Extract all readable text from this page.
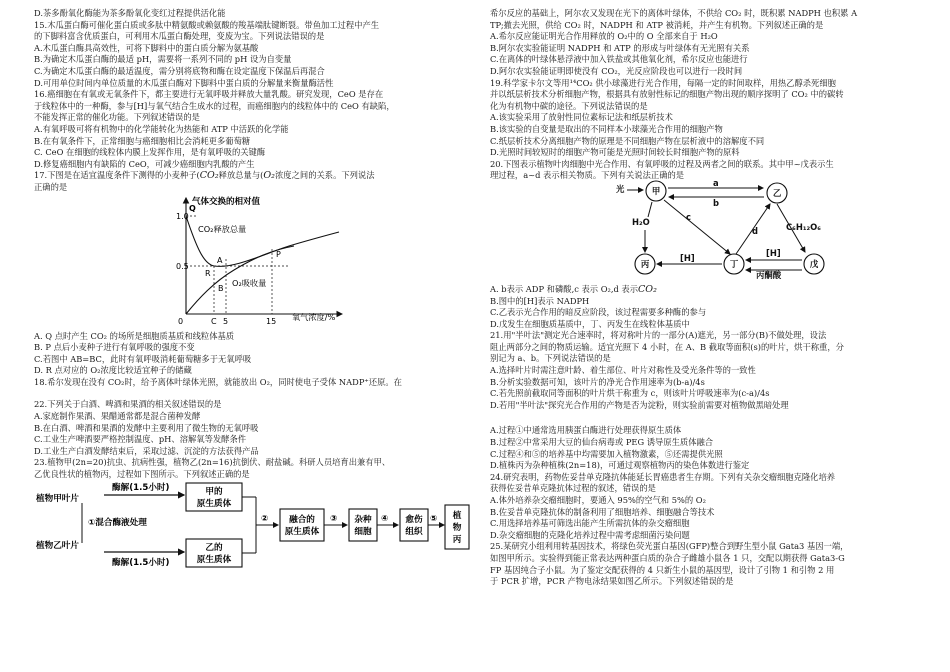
D.茶多酚氧化酶能为茶多酚氧化变红过程提供活化能
15.木瓜蛋白酶可催化蛋白质或多肽中精氨酸或赖氨酸的羧基端肽键断裂。带鱼加工过程中产生
的下脚料富含优质蛋白，可利用木瓜蛋白酶处理，变废为宝。下列说法错误的是
A.木瓜蛋白酶具高效性，可将下脚料中的蛋白质分解为氨基酸
B.为确定木瓜蛋白酶的最适 pH，需要将一系列不同的 pH 设为自变量
C.为确定木瓜蛋白酶的最适温度，需分别将底物和酶在设定温度下保温后再混合
D.可用单位时间内单位质量的木瓜蛋白酶对下脚料中蛋白质的分解量来衡量酶活性
16.癌细胞在有氧或无氧条件下，都主要进行无氧呼吸并释放大量乳酸。研究发现，CeO 是存在
于线粒体中的一种酶，参与[H]与氧气结合生成水的过程，而癌细胞内的线粒体中的 CeO 有缺陷，
不能发挥正常的催化功能。下列叙述错误的是
A.有氧呼吸可将有机物中的化学能转化为热能和 ATP 中活跃的化学能
B.在有氧条件下，正常细胞与癌细胞相比会消耗更多葡萄糖
C. CeO 在细胞的线粒体内膜上发挥作用，是有氧呼吸的关键酶
D.修复癌细胞内有缺陷的 CeO，可减少癌细胞内乳酸的产生
17.下图是在适宜温度条件下测得的小麦种子(CO₂释放总量与(O₂浓度之间的关系。下列说法
正确的是
气体交换的相对值
1.0
0.5
0	C 5	15
Q
R
A
B
P
CO₂释放总量
O₂吸收量
氧气浓度/%
A. Q 点时产生 CO₂ 的场所是细胞质基质和线粒体基质
B. P 点后小麦种子进行有氧呼吸的强度不变
C.若图中 AB=BC，此时有氧呼吸消耗葡萄糖多于无氧呼吸
D. R 点对应的 O₂浓度比较适宜种子的储藏
18.希尔发现在没有 CO₂时，给予离体叶绿体光照，就能放出 O₂，同时使电子受体 NADP⁺还原。在
22.下列关于白酒、啤酒和果酒的相关叙述错误的是
A.家庭制作果酒、果醋通常都是混合菌种发酵
B.在白酒、啤酒和果酒的发酵中主要利用了微生物的无氧呼吸
C.工业生产啤酒要严格控制温度、pH、溶解氧等发酵条件
D.工业生产白酒发酵结束后，采取过滤、沉淀的方法获得产品
23.植物甲(2n=20)抗虫、抗病性强，植物乙(2n=16)抗倒伏、耐盐碱。科研人员培育出兼有甲、
乙优良性状的植物丙，过程如下图所示。下列叙述正确的是
酶解(1.5小时)
植物甲叶片
①混合酶液处理
植物乙叶片
酶解(1.5小时)
甲的
原生质体
乙的
原生质体
② 融合的
原生质体
③ 杂种
细胞
④ 愈伤
组织
⑤ 植
物
丙
希尔反应的基础上，阿尔农又发现在光下的离体叶绿体，不供给 CO₂ 时，既积累 NADPH 也积累 A
TP;撤去光照，供给 CO₂ 时，NADPH 和 ATP 被消耗，并产生有机物。下列叙述正确的是
A.希尔反应能证明光合作用释放的 O₂中的 O 全部来自于 H₂O
B.阿尔农实验能证明 NADPH 和 ATP 的形成与叶绿体有无光照有关系
C.在离体的叶绿体悬浮液中加入铁盐或其他氧化剂，希尔反应也能进行
D.阿尔农实验能证明即使没有 CO₂，光反应阶段也可以进行一段时间
19.科学家卡尔文等用¹⁴CO₂ 供小球藻进行光合作用，每隔一定的时间取样，用热乙醇杀死细胞
并以纸层析技术分析细胞产物，根据具有放射性标记的细胞产物出现的顺序探明了 CO₂ 中的碳转
化为有机物中碳的途径。下列说法错误的是
A.该实验采用了放射性同位素标记法和纸层析技术
B.该实验的自变量是取出的不同样本小球藻光合作用的细胞产物
C.纸层析技术分离细胞产物的原理是不同细胞产物在层析液中的溶解度不同
D.光照时间较短时的细胞产物可能是光照时间较长时细胞产物的原料
20.下图表示植物叶肉细胞中光合作用、有氧呼吸的过程及两者之间的联系。其中甲~戊表示生
理过程，a~d 表示相关物质。下列有关说法正确的是
光	甲	乙
a
b
c
d
H₂O	C₆H₁₂O₆
丙	丁	戊
[H]	[H]
丙酮酸
A. b表示 ADP 和磷酸,c 表示 O₂,d 表示CO₂
B.图中的[H]表示 NADPH
C.乙表示光合作用的暗反应阶段，该过程需要多种酶的参与
D.戊发生在细胞质基质中，丁、丙发生在线粒体基质中
21.用"半叶法"测定光合速率时，将对称叶片的一部分(A)遮光，另一部分(B)不做处理，设法
阻止两部分之间的物质运输。适宜光照下 4 小时，在 A、B 截取等面积(s)的叶片，烘干称重，分
别记为 a、b。下列说法错误的是
A.选择叶片时需注意叶龄、着生部位、叶片对称性及受光条件等的一致性
B.分析实验数据可知，该叶片的净光合作用速率为(b-a)/4s
C.若先照前截取同等面积的叶片烘干称重为 c，则该叶片呼吸速率为(c-a)/4s
D.若用"半叶法"探究光合作用的产物是否为淀粉，则实验前需要对植物做黑暗处理
A.过程①中通常选用胰蛋白酶进行处理获得原生质体
B.过程②中常采用大豆的仙台病毒或 PEG 诱导原生质体融合
C.过程④和⑤的培养基中均需要加入植物激素，⑤还需提供光照
D.植株丙为杂种植株(2n=18)，可通过观察植物丙的染色体数进行鉴定
24.研究表明，药物佐妥昔单克隆抗体能延长胃癌患者生存期。下列有关杂交瘤细胞克隆化培养
获得佐妥昔单克隆抗体过程的叙述，错误的是
A.体外培养杂交瘤细胞时，要通入 95%的空气和 5%的 O₂
B.佐妥昔单克隆抗体的制备利用了细胞培养、细胞融合等技术
C.用选择培养基可筛选出能产生所需抗体的杂交瘤细胞
D.杂交瘤细胞的克隆化培养过程中需考虑细菌污染问题
25.某研究小组利用转基因技术，将绿色荧光蛋白基因(GFP)整合到野生型小鼠 Gata3 基因一端，
如图甲所示。实验得到能正常表达两种蛋白质的杂合子雌雄小鼠各 1 只，交配以期获得 Gata3-G
FP 基因纯合子小鼠。为了鉴定交配获得的 4 只新生小鼠的基因型，设计了引物 1 和引物 2 用
于 PCR 扩增，PCR 产物电泳结果如图乙所示。下列叙述错误的是
